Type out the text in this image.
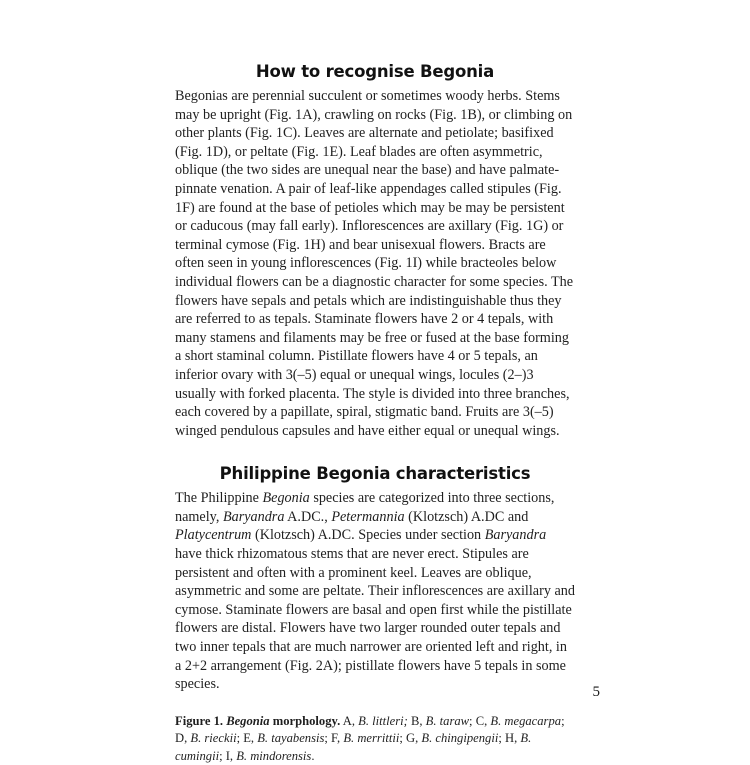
How to recognise Begonia

Begonias are perennial succulent or sometimes woody herbs. Stems may be upright (Fig. 1A), crawling on rocks (Fig. 1B), or climbing on other plants (Fig. 1C). Leaves are alternate and petiolate; basifixed (Fig. 1D), or peltate (Fig. 1E). Leaf blades are often asymmetric, oblique (the two sides are unequal near the base) and have palmate-pinnate venation. A pair of leaf-like appendages called stipules (Fig. 1F) are found at the base of petioles which may be may be persistent or caducous (may fall early). Inflorescences are axillary (Fig. 1G) or terminal cymose (Fig. 1H) and bear unisexual flowers. Bracts are often seen in young inflorescences (Fig. 1I) while bracteoles below individual flowers can be a diagnostic character for some species. The flowers have sepals and petals which are indistinguishable thus they are referred to as tepals. Staminate flowers have 2 or 4 tepals, with many stamens and filaments may be free or fused at the base forming a short staminal column. Pistillate flowers have 4 or 5 tepals, an inferior ovary with 3(–5) equal or unequal wings, locules (2–)3 usually with forked placenta. The style is divided into three branches, each covered by a papillate, spiral, stigmatic band. Fruits are 3(–5) winged pendulous capsules and have either equal or unequal wings.

Philippine Begonia characteristics

The Philippine Begonia species are categorized into three sections, namely, Baryandra A.DC., Petermannia (Klotzsch) A.DC and Platycentrum (Klotzsch) A.DC. Species under section Baryandra have thick rhizomatous stems that are never erect. Stipules are persistent and often with a prominent keel. Leaves are oblique, asymmetric and some are peltate. Their inflorescences are axillary and cymose. Staminate flowers are basal and open first while the pistillate flowers are distal. Flowers have two larger rounded outer tepals and two inner tepals that are much narrower are oriented left and right, in a 2+2 arrangement (Fig. 2A); pistillate flowers have 5 tepals in some species.

Figure 1. Begonia morphology. A, B. littleri; B, B. taraw; C, B. megacarpa; D, B. rieckii; E, B. tayabensis; F, B. merrittii; G, B. chingipengii; H, B. cumingii; I, B. mindorensis.

5
